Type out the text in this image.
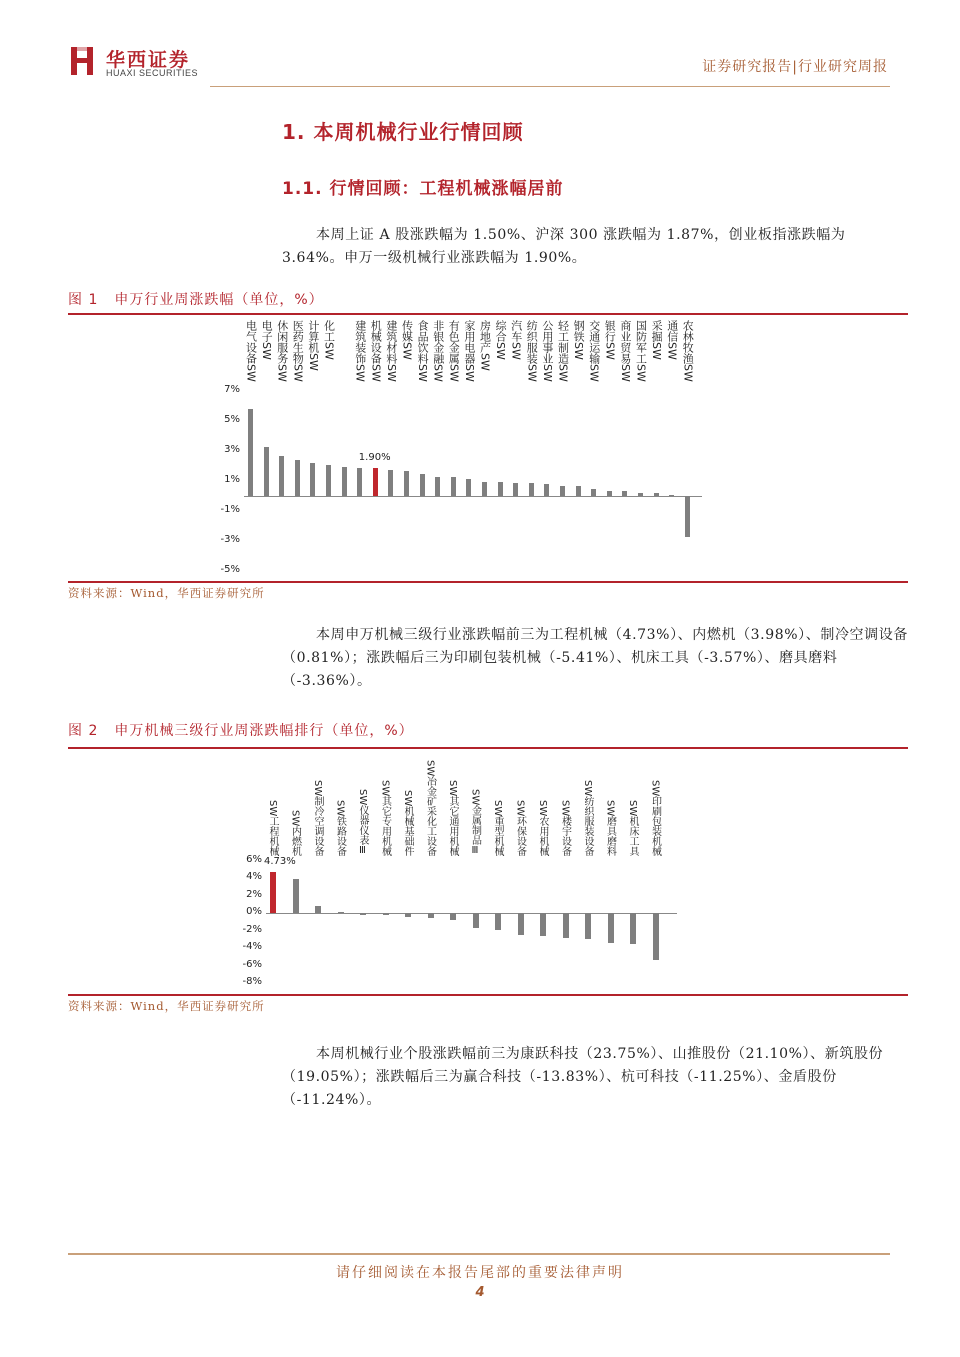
华西证券
HUAXI SECURITIES	证券研究报告|行业研究周报
1. 本周机械行业行情回顾
1.1. 行情回顾：工程机械涨幅居前
本周上证 A 股涨跌幅为 1.50%、沪深 300 涨跌幅为 1.87%，创业板指涨跌幅为 3.64%。申万一级机械行业涨跌幅为 1.90%。
图 1 申万行业周涨跌幅（单位，%）
7%
5%
3%
1%
-1%
-3%
-5%
电气设备SW 电子SW 休闲服务SW 医药生物SW 计算机SW 化工SW 建筑装饰SW 机械设备SW
1.90%
建筑材料SW 传媒SW 食品饮料SW 非银金融SW 有色金属SW 家用电器SW 房地产SW 综合SW 汽车SW 纺织服装SW 公用事业SW 轻工制造SW 钢铁SW 交通运输SW 银行SW 商业贸易SW 国防军工SW 采掘SW 通信SW 农林牧渔SW
资料来源：Wind，华西证券研究所
本周申万机械三级行业涨跌幅前三为工程机械（4.73%）、内燃机（3.98%）、制冷空调设备（0.81%）；涨跌幅后三为印刷包装机械（-5.41%）、机床工具（-3.57%）、磨具磨料（-3.36%）。
图 2 申万机械三级行业周涨跌幅排行（单位，%）
6%
4%
2%
0%
-2%
-4%
-6%
-8%
SW工程机械
4.73%
SW内燃机 SW制冷空调设备 SW铁路设备 SW仪器仪表Ⅲ SW其它专用机械 SW机械基础件 SW冶金矿采化工设备 SW其它通用机械 SW金属制品Ⅲ SW重型机械 SW环保设备 SW农用机械 SW楼宇设备 SW纺织服装设备 SW磨具磨料 SW机床工具 SW印刷包装机械
资料来源：Wind，华西证券研究所
本周机械行业个股涨跌幅前三为康跃科技（23.75%）、山推股份（21.10%）、新筑股份（19.05%）；涨跌幅后三为赢合科技（-13.83%）、杭可科技（-11.25%）、金盾股份（-11.24%）。
请仔细阅读在本报告尾部的重要法律声明
4
